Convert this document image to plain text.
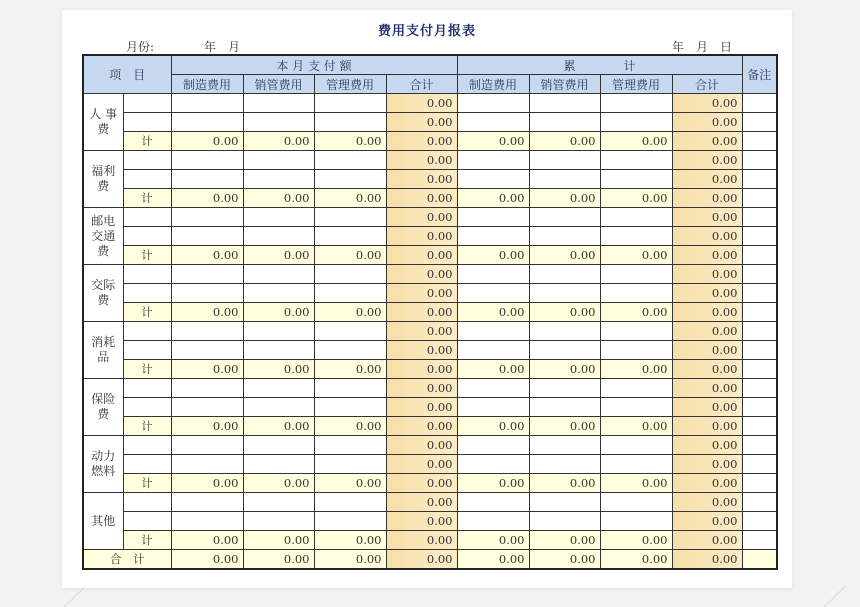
费用支付月报表
月份:	年　月	年　月　日
项　目		本 月 支 付 额				累　　　　计				备注
		制造费用	销管费用	管理费用	合计	制造费用	销管费用	管理费用	合计	
人 事 费					0.00				0.00	
					0.00				0.00	
	计	0.00	0.00	0.00	0.00	0.00	0.00	0.00	0.00	
福利费					0.00				0.00	
					0.00				0.00	
	计	0.00	0.00	0.00	0.00	0.00	0.00	0.00	0.00	
邮电交通费					0.00				0.00	
					0.00				0.00	
	计	0.00	0.00	0.00	0.00	0.00	0.00	0.00	0.00	
交际费					0.00				0.00	
					0.00				0.00	
	计	0.00	0.00	0.00	0.00	0.00	0.00	0.00	0.00	
消耗品					0.00				0.00	
					0.00				0.00	
	计	0.00	0.00	0.00	0.00	0.00	0.00	0.00	0.00	
保险费					0.00				0.00	
					0.00				0.00	
	计	0.00	0.00	0.00	0.00	0.00	0.00	0.00	0.00	
动力燃料					0.00				0.00	
					0.00				0.00	
	计	0.00	0.00	0.00	0.00	0.00	0.00	0.00	0.00	
其他					0.00				0.00	
					0.00				0.00	
	计	0.00	0.00	0.00	0.00	0.00	0.00	0.00	0.00	
合　计		0.00	0.00	0.00	0.00	0.00	0.00	0.00	0.00	
